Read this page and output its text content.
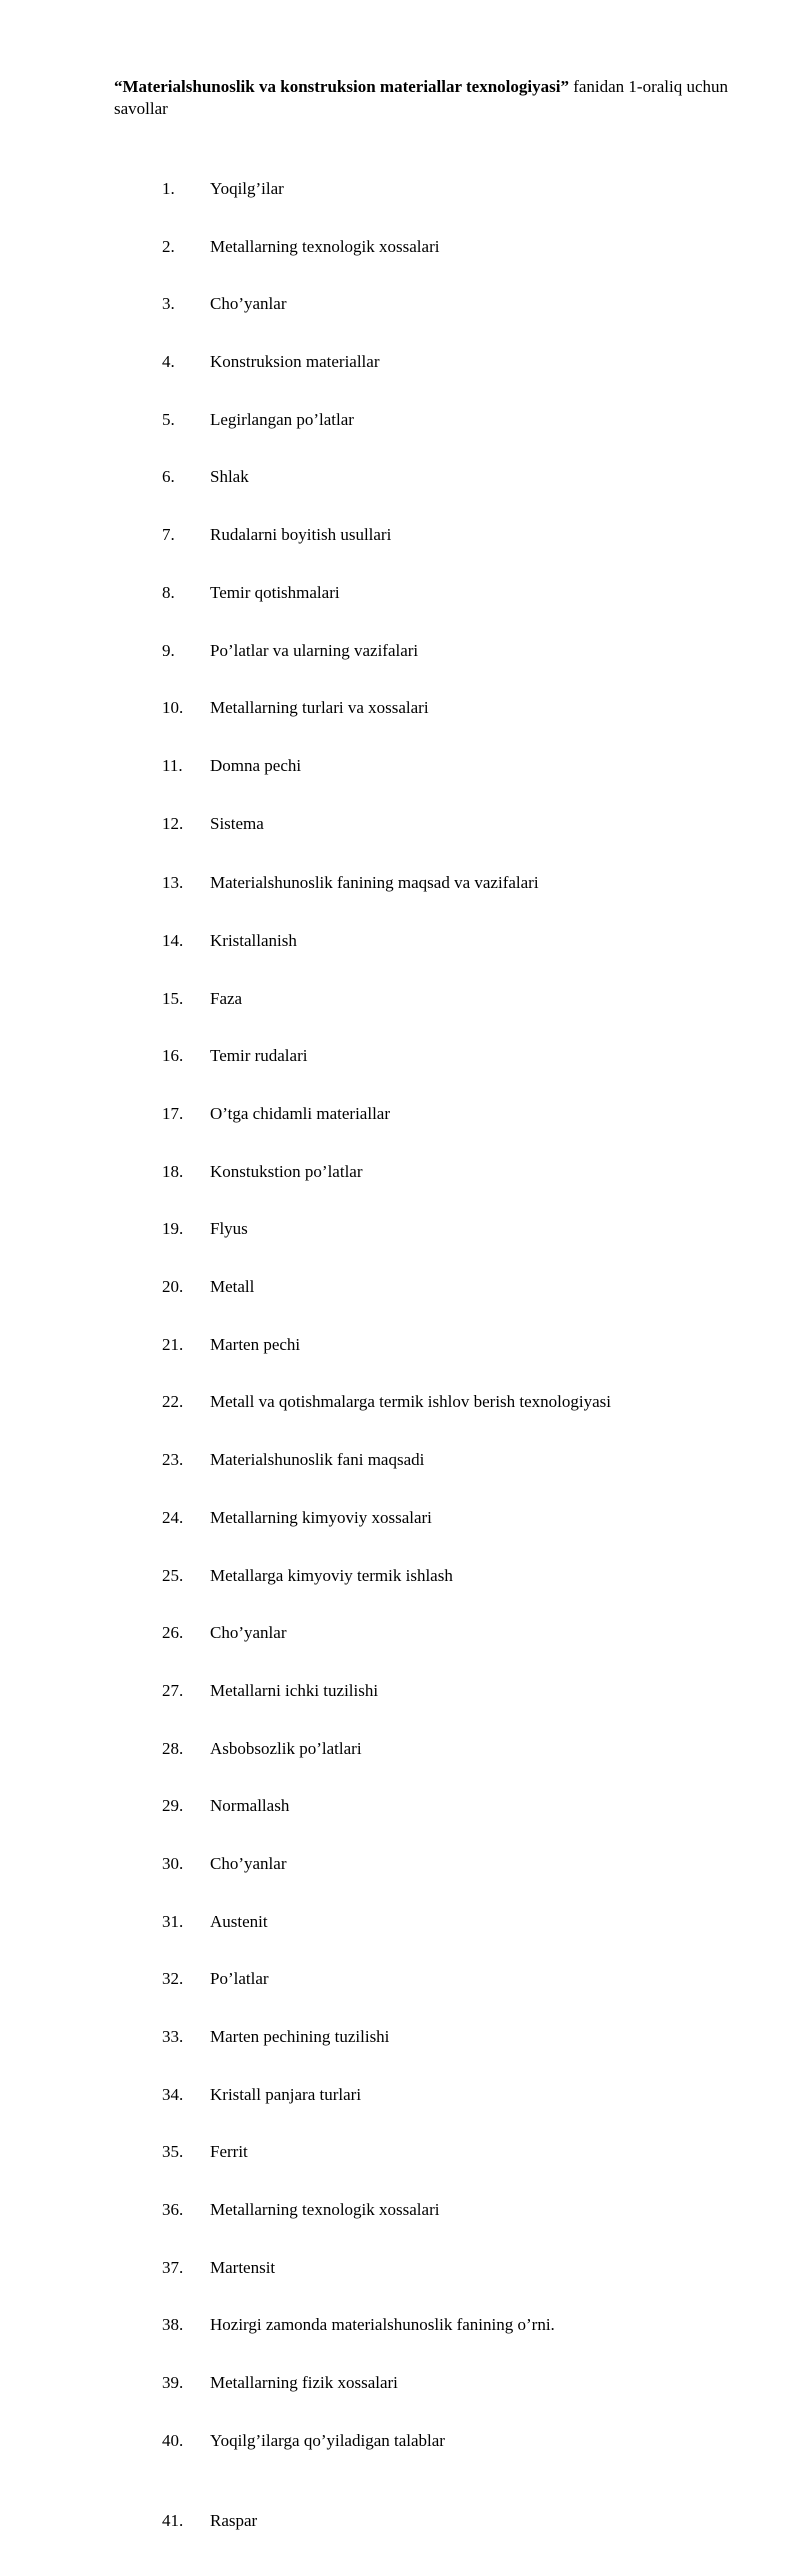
“Materialshunoslik va konstruksion materiallar texnologiyasi” fanidan 1-oraliq uchun savollar

1. Yoqilg’ilar

2. Metallarning texnologik xossalari

3. Cho’yanlar

4. Konstruksion materiallar

5. Legirlangan po’latlar

6. Shlak

7. Rudalarni boyitish usullari

8. Temir qotishmalari

9. Po’latlar va ularning vazifalari

10. Metallarning turlari va xossalari

11. Domna pechi

12. Sistema

13. Materialshunoslik fanining maqsad va vazifalari

14. Kristallanish

15. Faza

16. Temir rudalari

17. O’tga chidamli materiallar

18. Konstukstion po’latlar

19. Flyus

20. Metall

21. Marten pechi

22. Metall va qotishmalarga termik ishlov berish texnologiyasi

23. Materialshunoslik fani maqsadi

24. Metallarning kimyoviy xossalari

25. Metallarga kimyoviy termik ishlash

26. Cho’yanlar

27. Metallarni ichki tuzilishi

28. Asbobsozlik po’latlari

29. Normallash

30. Cho’yanlar

31. Austenit

32. Po’latlar

33. Marten pechining tuzilishi

34. Kristall panjara turlari

35. Ferrit

36. Metallarning texnologik xossalari

37. Martensit

38. Hozirgi zamonda materialshunoslik fanining o’rni.

39. Metallarning fizik xossalari

40. Yoqilg’ilarga qo’yiladigan talablar

41. Raspar
